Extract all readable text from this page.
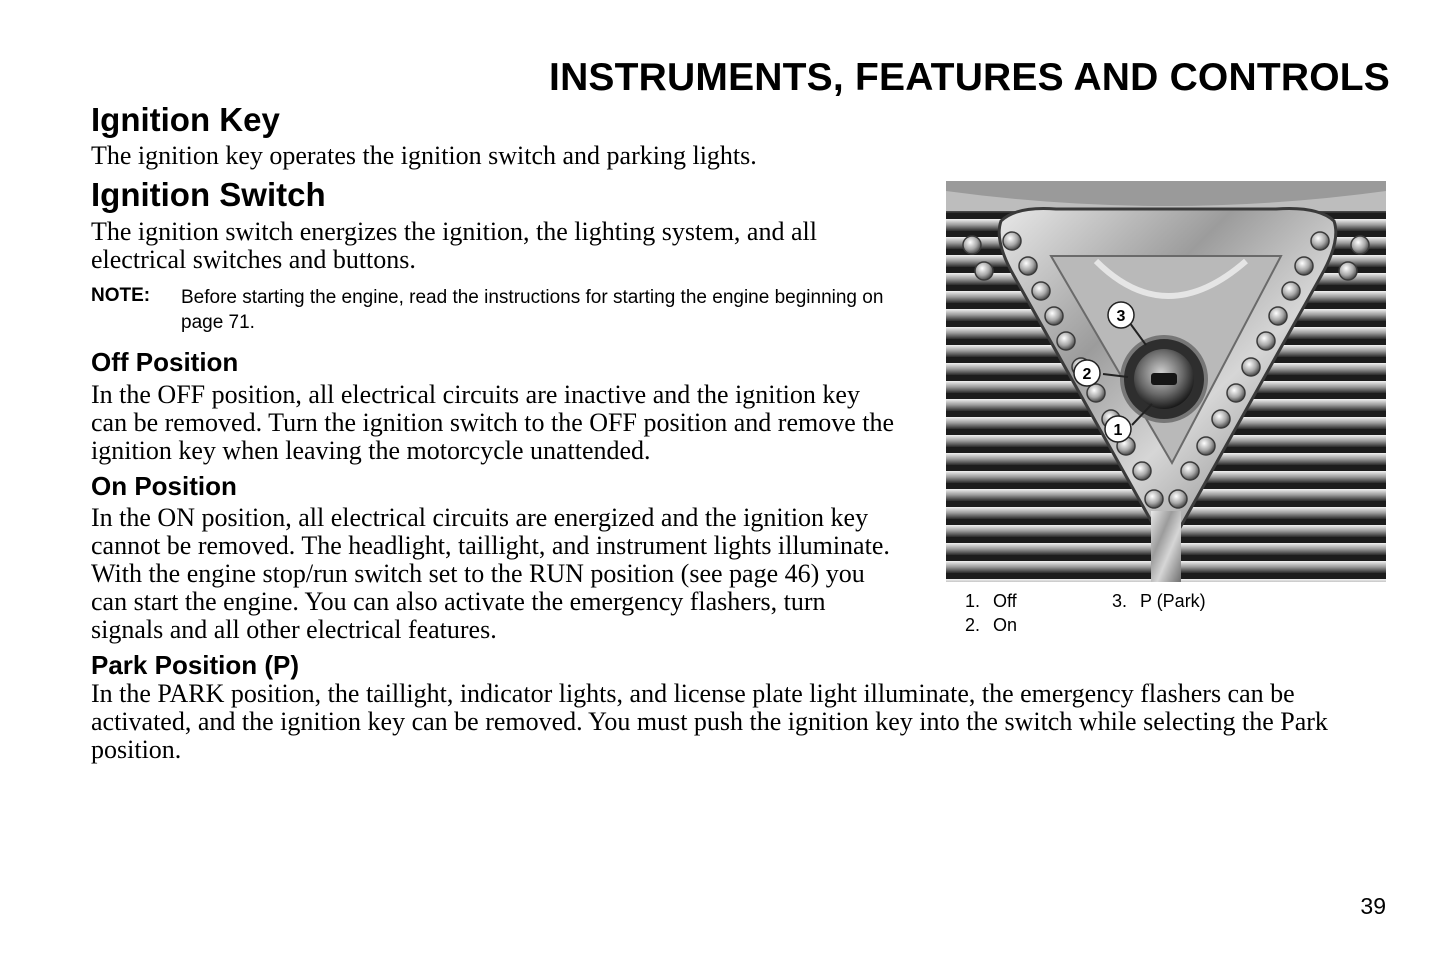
INSTRUMENTS, FEATURES AND CONTROLS
Ignition Key
The ignition key operates the ignition switch and parking lights.
Ignition Switch
The ignition switch energizes the ignition, the lighting system, and all electrical switches and buttons.
NOTE: Before starting the engine, read the instructions for starting the engine beginning on page 71.
Off Position
In the OFF position, all electrical circuits are inactive and the ignition key can be removed. Turn the ignition switch to the OFF position and remove the ignition key when leaving the motorcycle unattended.
On Position
In the ON position, all electrical circuits are energized and the ignition key cannot be removed. The headlight, taillight, and instrument lights illuminate. With the engine stop/run switch set to the RUN position (see page 46) you can start the engine. You can also activate the emergency flashers, turn signals and all other electrical features.
Park Position (P)
In the PARK position, the taillight, indicator lights, and license plate light illuminate, the emergency flashers can be activated, and the ignition key can be removed. You must push the ignition key into the switch while selecting the Park position.
3
2
1
1. Off
2. On
3. P (Park)
39
